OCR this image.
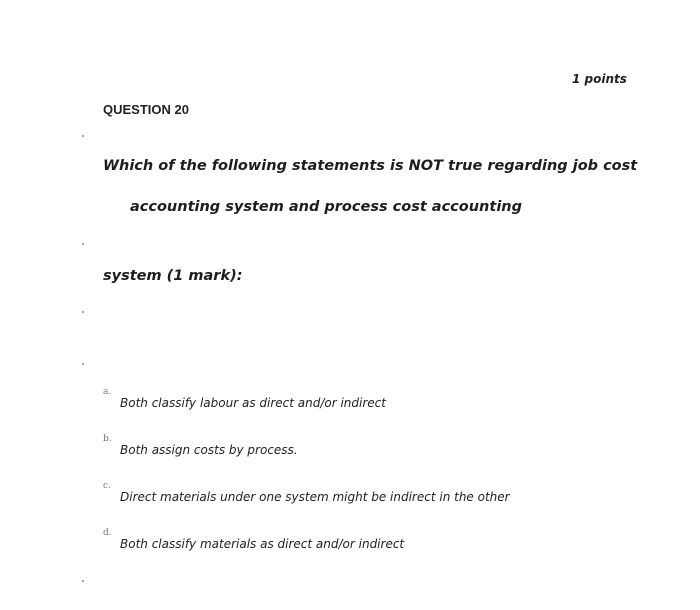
1 points
QUESTION 20
Which of the following statements is NOT true regarding job cost
accounting system and process cost accounting
system (1 mark):
a.
Both classify labour as direct and/or indirect
b.
Both assign costs by process.
c.
Direct materials under one system might be indirect in the other
d.
Both classify materials as direct and/or indirect
